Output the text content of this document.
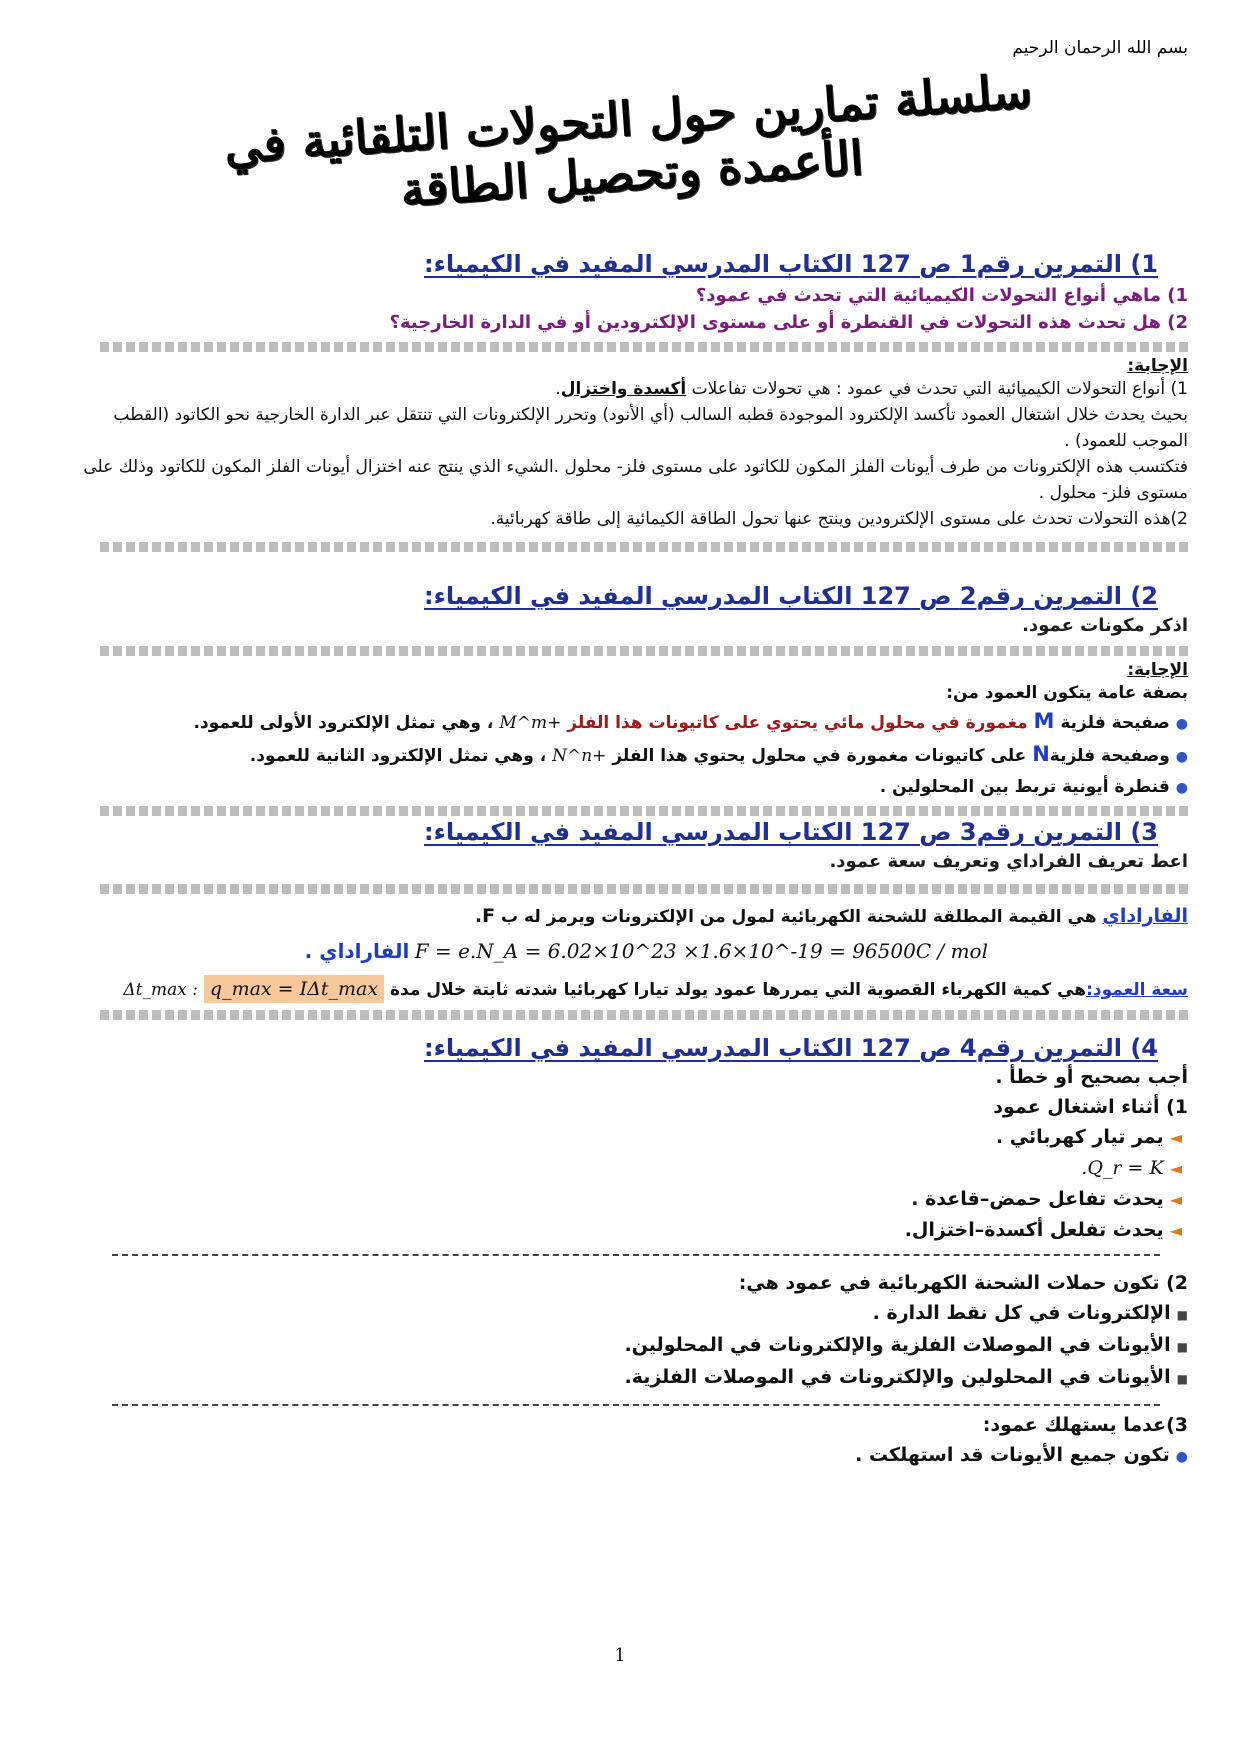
بسم الله الرحمان الرحيم
سلسلة تمارين حول التحولات التلقائية في الأعمدة وتحصيل الطاقة
1) التمرين رقم1 ص 127 الكتاب المدرسي المفيد في الكيمياء:
1) ماهي أنواع التحولات الكيميائية التي تحدث في عمود؟
2) هل تحدث هذه التحولات في القنطرة أو على مستوى الإلكترودين أو في الدارة الخارجية؟
الإجابة:

1) أنواع التحولات الكيميائية التي تحدث في عمود : هي تحولات تفاعلات أكسدة واختزال.

بحيث يحدث خلال اشتغال العمود تأكسد الإلكترود الموجودة قطبه السالب (أي الأنود) وتحرر الإلكترونات التي تنتقل عبر الدارة الخارجية نحو الكاتود (القطب الموجب للعمود) .

فتكتسب هذه الإلكترونات من طرف أيونات الفلز المكون للكاتود على مستوى فلز- محلول .الشيء الذي ينتج عنه اختزال أيونات الفلز المكون للكاتود وذلك على مستوى فلز- محلول .

2)هذه التحولات تحدث على مستوى الإلكترودين وينتج عنها تحول الطاقة الكيمائية إلى طاقة كهربائية.

2) التمرين رقم2 ص 127 الكتاب المدرسي المفيد في الكيمياء:
اذكر مكونات عمود.
الإجابة:

بصفة عامة يتكون العمود من:

●صفيحة فلزية M مغمورة في محلول مائي يحتوي على كاتيونات هذا الفلز M^m+ ، وهي تمثل الإلكترود الأولى للعمود.

●وصفيحة فلزيةN على كاتيونات مغمورة في محلول يحتوي هذا الفلز N^n+ ، وهي تمثل الإلكترود الثانية للعمود.

●قنطرة أيونية تربط بين المحلولين .

3) التمرين رقم3 ص 127 الكتاب المدرسي المفيد في الكيمياء:
اعط تعريف الفراداي وتعريف سعة عمود.

الفاراداي هي القيمة المطلقة للشحنة الكهربائية لمول من الإلكترونات ويرمز له ب F.

F = e.N_A = 6.02×10^23 ×1.6×10^-19 = 96500C / mol الفاراداي .

سعة العمود:هي كمية الكهرباء القصوية التي يمررها عمود يولد تيارا كهربائيا شدته ثابتة خلال مدة Δt_max : q_max = IΔt_max

4) التمرين رقم4 ص 127 الكتاب المدرسي المفيد في الكيمياء:

أجب بصحيح أو خطأ .

1) أثناء اشتغال عمود

◄يمر تيار كهربائي .

◄.Q_r = K

◄يحدث تفاعل حمض–قاعدة .

◄يحدث تفلعل أكسدة–اختزال.

2) تكون حملات الشحنة الكهربائية في عمود هي:

■الإلكترونات في كل نقط الدارة .

■الأيونات في الموصلات الفلزية والإلكترونات في المحلولين.

■الأيونات في المحلولين والإلكترونات في الموصلات الفلزية.

3)عدما يستهلك عمود:

●تكون جميع الأيونات قد استهلكت .

1
